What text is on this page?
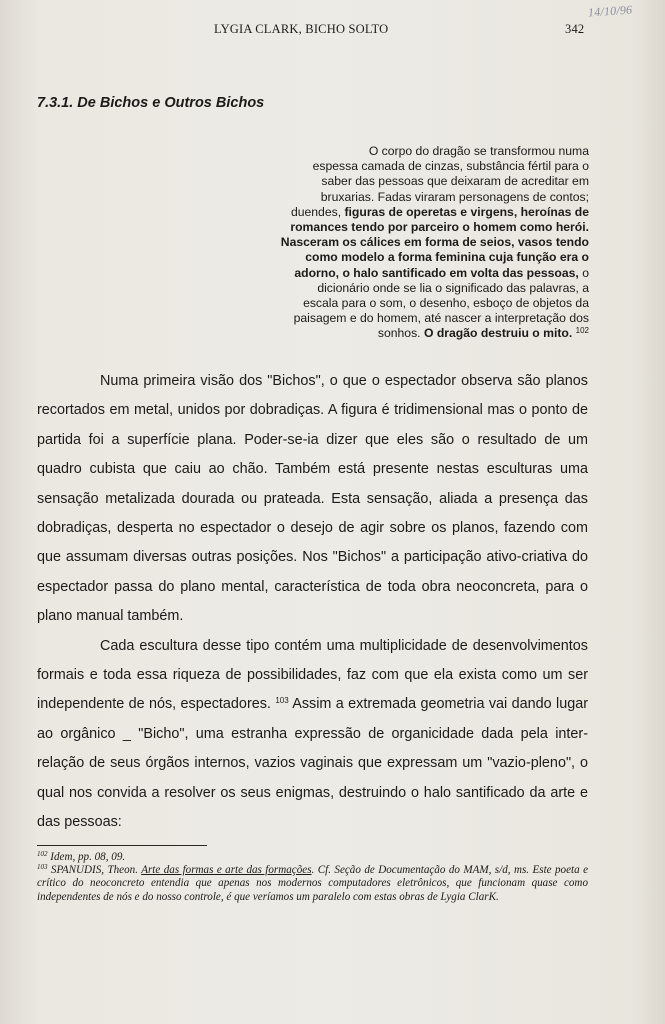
LYGIA CLARK, BICHO SOLTO	342
14/10/96
7.3.1. De Bichos e Outros Bichos
O corpo do dragão se transformou numa
espessa camada de cinzas, substância fértil para o
saber das pessoas que deixaram de acreditar em
bruxarias. Fadas viraram personagens de contos;
duendes, figuras de operetas e virgens, heroínas de
romances tendo por parceiro o homem como herói.
Nasceram os cálices em forma de seios, vasos tendo
como modelo a forma feminina cuja função era o
adorno, o halo santificado em volta das pessoas, o
dicionário onde se lia o significado das palavras, a
escala para o som, o desenho, esboço de objetos da
paisagem e do homem, até nascer a interpretação dos
sonhos. O dragão destruiu o mito. $^{102}$

Numa primeira visão dos "Bichos", o que o espectador observa são planos recortados em metal, unidos por dobradiças. A figura é tridimensional mas o ponto de partida foi a superfície plana. Poder-se-ia dizer que eles são o resultado de um quadro cubista que caiu ao chão. Também está presente nestas esculturas uma sensação metalizada dourada ou prateada. Esta sensação, aliada a presença das dobradiças, desperta no espectador o desejo de agir sobre os planos, fazendo com que assumam diversas outras posições. Nos "Bichos" a participação ativo-criativa do espectador passa do plano mental, característica de toda obra neoconcreta, para o plano manual também.

Cada escultura desse tipo contém uma multiplicidade de desenvolvimentos formais e toda essa riqueza de possibilidades, faz com que ela exista como um ser independente de nós, espectadores. $^{103}$ Assim a extremada geometria vai dando lugar ao orgânico _ "Bicho", uma estranha expressão de organicidade dada pela inter-relação de seus órgãos internos, vazios vaginais que expressam um "vazio-pleno", o qual nos convida a resolver os seus enigmas, destruindo o halo santificado da arte e das pessoas:

$^{102}$ Idem, pp. 08, 09.

$^{103}$ SPANUDIS, Theon. Arte das formas e arte das formações. Cf. Seção de Documentação do MAM, s/d, ms. Este poeta e crítico do neoconcreto entendia que apenas nos modernos computadores eletrônicos, que funcionam quase como independentes de nós e do nosso controle, é que veríamos um paralelo com estas obras de Lygia ClarK.
